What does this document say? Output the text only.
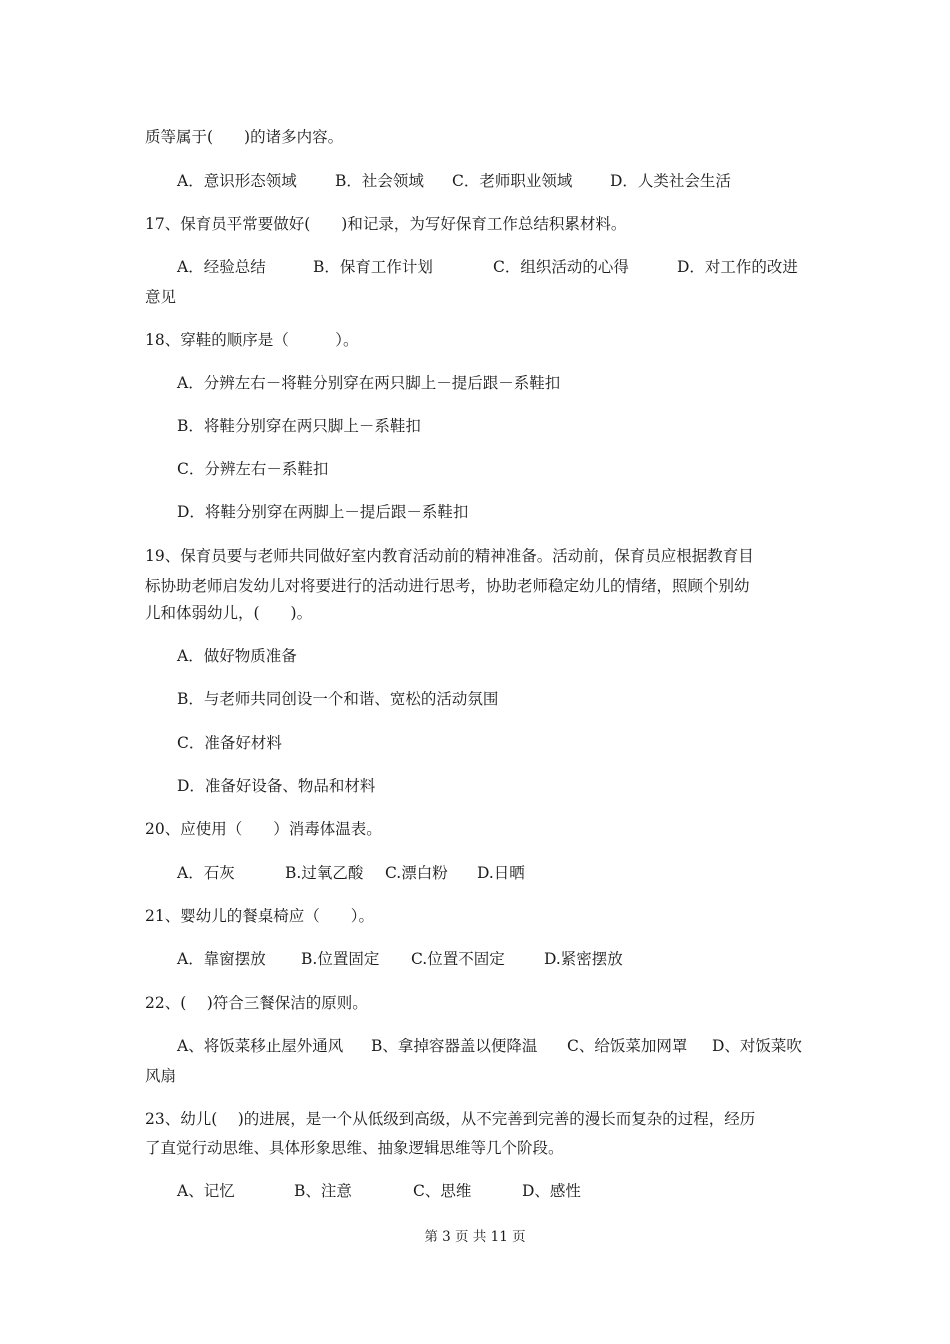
质等属于(　　)的诸多内容。
A．意识形态领域 B．社会领域 C．老师职业领域 D．人类社会生活
17、保育员平常要做好(　　)和记录，为写好保育工作总结积累材料。
A．经验总结	B．保育工作计划	C．组织活动的心得	D．对工作的改进
意见
18、穿鞋的顺序是（　　　）。
A．分辨左右－将鞋分别穿在两只脚上－提后跟－系鞋扣
B．将鞋分别穿在两只脚上－系鞋扣
C．分辨左右－系鞋扣
D．将鞋分别穿在两脚上－提后跟－系鞋扣
19、保育员要与老师共同做好室内教育活动前的精神准备。活动前，保育员应根据教育目
标协助老师启发幼儿对将要进行的活动进行思考，协助老师稳定幼儿的情绪，照顾个别幼
儿和体弱幼儿，(　　)。
A．做好物质准备
B．与老师共同创设一个和谐、宽松的活动氛围
C．准备好材料
D．准备好设备、物品和材料
20、应使用（　　）消毒体温表。
A．石灰	B.过氧乙酸 C.漂白粉 D.日晒
21、婴幼儿的餐桌椅应（　　）。
A．靠窗摆放 B.位置固定 C.位置不固定	D.紧密摆放
22、(　 )符合三餐保洁的原则。
A、将饭菜移止屋外通风 B、拿掉容器盖以便降温 C、给饭菜加网罩 D、对饭菜吹
风扇
23、幼儿(　 )的进展，是一个从低级到高级，从不完善到完善的漫长而复杂的过程，经历
了直觉行动思维、具体形象思维、抽象逻辑思维等几个阶段。
A、记忆	B、注意	C、思维	D、感性
第 3 页 共 11 页
